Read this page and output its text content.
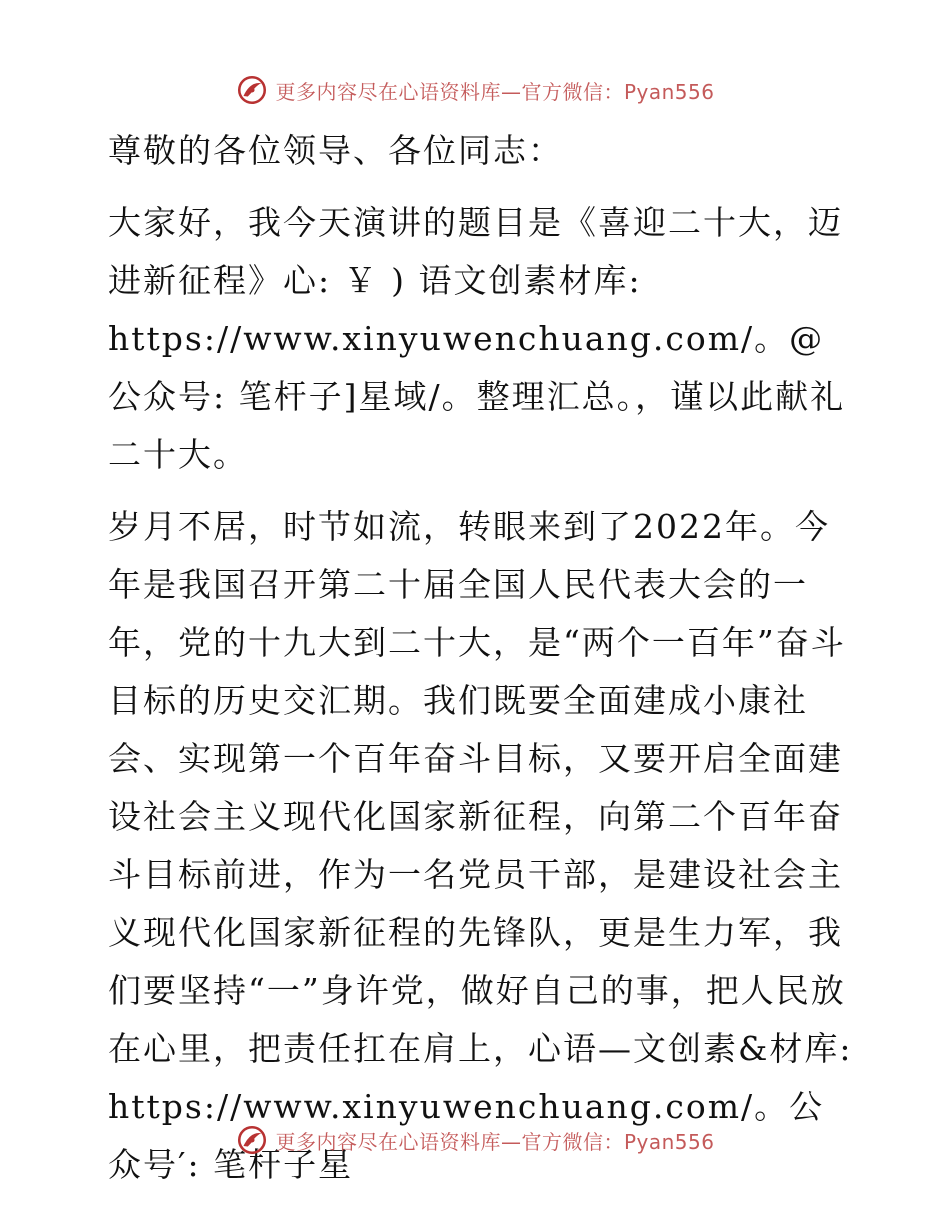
更多内容尽在心语资料库—官方微信：Pyan556

尊敬的各位领导、各位同志：

大家好，我今天演讲的题目是《喜迎二十大，迈进新征程》心: ￥ ) 语文创素材库: https://www.xinyuwenchuang.com/。@公众号: 笔杆子]星域/。整理汇总。，谨以此献礼二十大。

岁月不居，时节如流，转眼来到了2022年。今年是我国召开第二十届全国人民代表大会的一年，党的十九大到二十大，是“两个一百年”奋斗目标的历史交汇期。我们既要全面建成小康社会、实现第一个百年奋斗目标，又要开启全面建设社会主义现代化国家新征程，向第二个百年奋斗目标前进，作为一名党员干部，是建设社会主义现代化国家新征程的先锋队，更是生力军，我们要坚持“一”身许党，做好自己的事，把人民放在心里，把责任扛在肩上，心语—文创素&材库: https://www.xinyuwenchuang.com/。公众号′: 笔杆子星

更多内容尽在心语资料库—官方微信：Pyan556
